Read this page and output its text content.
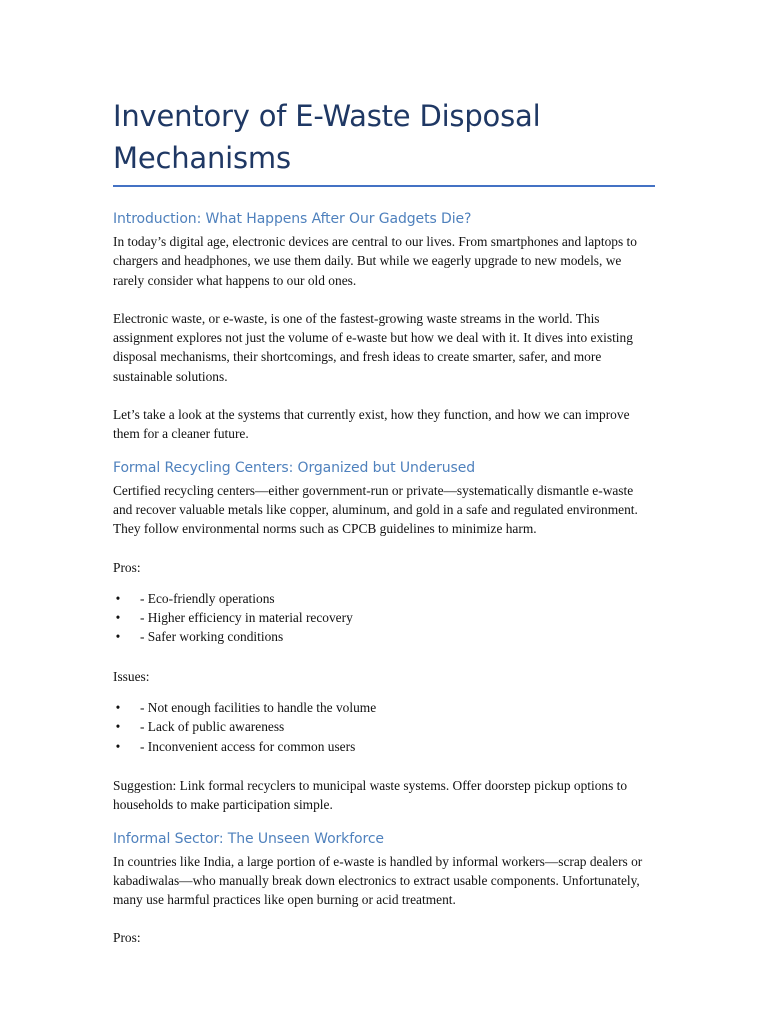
Inventory of E-Waste Disposal Mechanisms
Introduction: What Happens After Our Gadgets Die?

In today’s digital age, electronic devices are central to our lives. From smartphones and laptops to chargers and headphones, we use them daily. But while we eagerly upgrade to new models, we rarely consider what happens to our old ones.

Electronic waste, or e-waste, is one of the fastest-growing waste streams in the world. This assignment explores not just the volume of e-waste but how we deal with it. It dives into existing disposal mechanisms, their shortcomings, and fresh ideas to create smarter, safer, and more sustainable solutions.

Let’s take a look at the systems that currently exist, how they function, and how we can improve them for a cleaner future.

Formal Recycling Centers: Organized but Underused

Certified recycling centers—either government-run or private—systematically dismantle e-waste and recover valuable metals like copper, aluminum, and gold in a safe and regulated environment. They follow environmental norms such as CPCB guidelines to minimize harm.

Pros:

• - Eco-friendly operations
• - Higher efficiency in material recovery
• - Safer working conditions

Issues:

• - Not enough facilities to handle the volume
• - Lack of public awareness
• - Inconvenient access for common users

Suggestion: Link formal recyclers to municipal waste systems. Offer doorstep pickup options to households to make participation simple.

Informal Sector: The Unseen Workforce

In countries like India, a large portion of e-waste is handled by informal workers—scrap dealers or kabadiwalas—who manually break down electronics to extract usable components. Unfortunately, many use harmful practices like open burning or acid treatment.

Pros:
